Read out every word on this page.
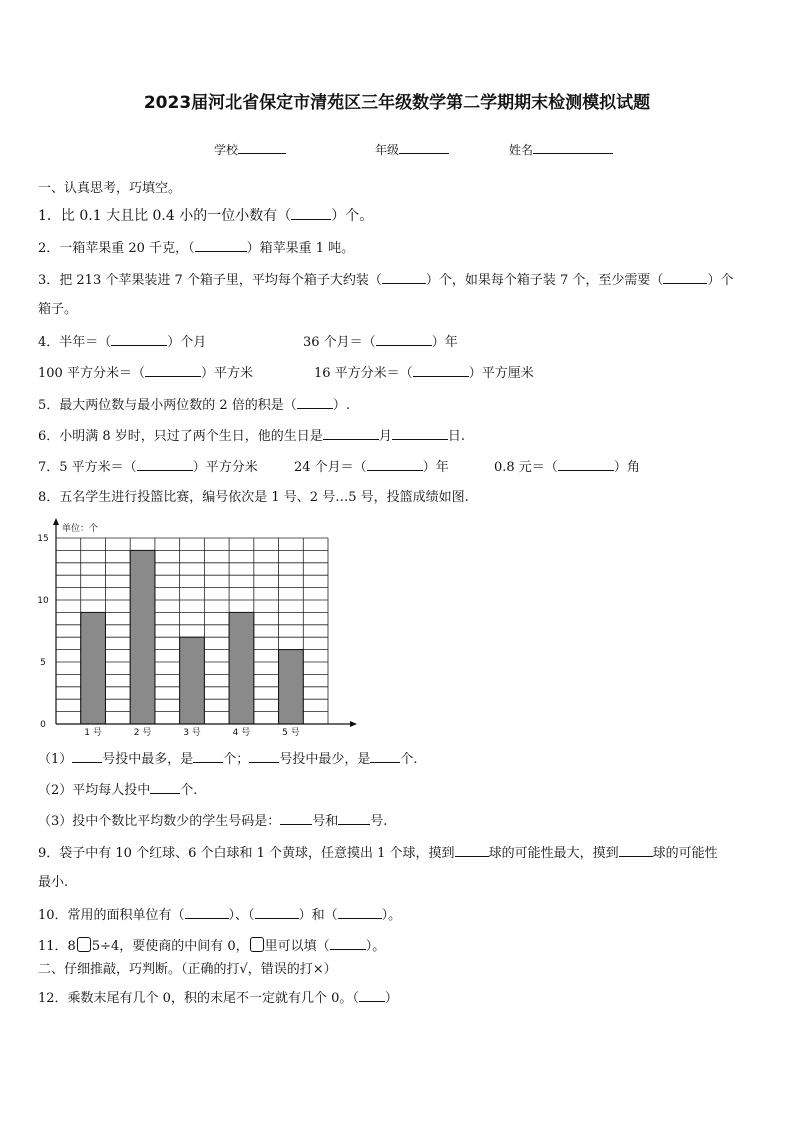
2023届河北省保定市清苑区三年级数学第二学期期末检测模拟试题
学校	年级	姓名
一、认真思考，巧填空。
1．比 0.1 大且比 0.4 小的一位小数有（	）个。
2．一箱苹果重 20 千克，（	）箱苹果重 1 吨。
3．把 213 个苹果装进 7 个箱子里，平均每个箱子大约装（	）个，如果每个箱子装 7 个，至少需要（	）个
箱子。
4．半年＝（	）个月	36 个月＝（	）年
100 平方分米＝（	）平方米	16 平方分米＝（	）平方厘米
5．最大两位数与最小两位数的 2 倍的积是（	）.
6．小明满 8 岁时，只过了两个生日，他的生日是	月	日.
7．5 平方米＝（	）平方分米	24 个月＝（	）年	0.8 元＝（	）角
8．五名学生进行投篮比赛，编号依次是 1 号、2 号…5 号，投篮成绩如图.
单位：个
0
5
10
15
1 号	2 号	3 号	4 号	5 号
（1） 号投中最多，是 个； 号投中最少，是 个.
（2）平均每人投中 个.
（3）投中个数比平均数少的学生号码是： 号和 号.
9．袋子中有 10 个红球、6 个白球和 1 个黄球，任意摸出 1 个球，摸到	球的可能性最大，摸到	球的可能性
最小.
10．常用的面积单位有（	）、（	）和（	）。
11．8 5÷4，要使商的中间有 0， 里可以填（	）。
二、仔细推敲，巧判断。（正确的打√，错误的打×）
12．乘数末尾有几个 0，积的末尾不一定就有几个 0。（ ）
